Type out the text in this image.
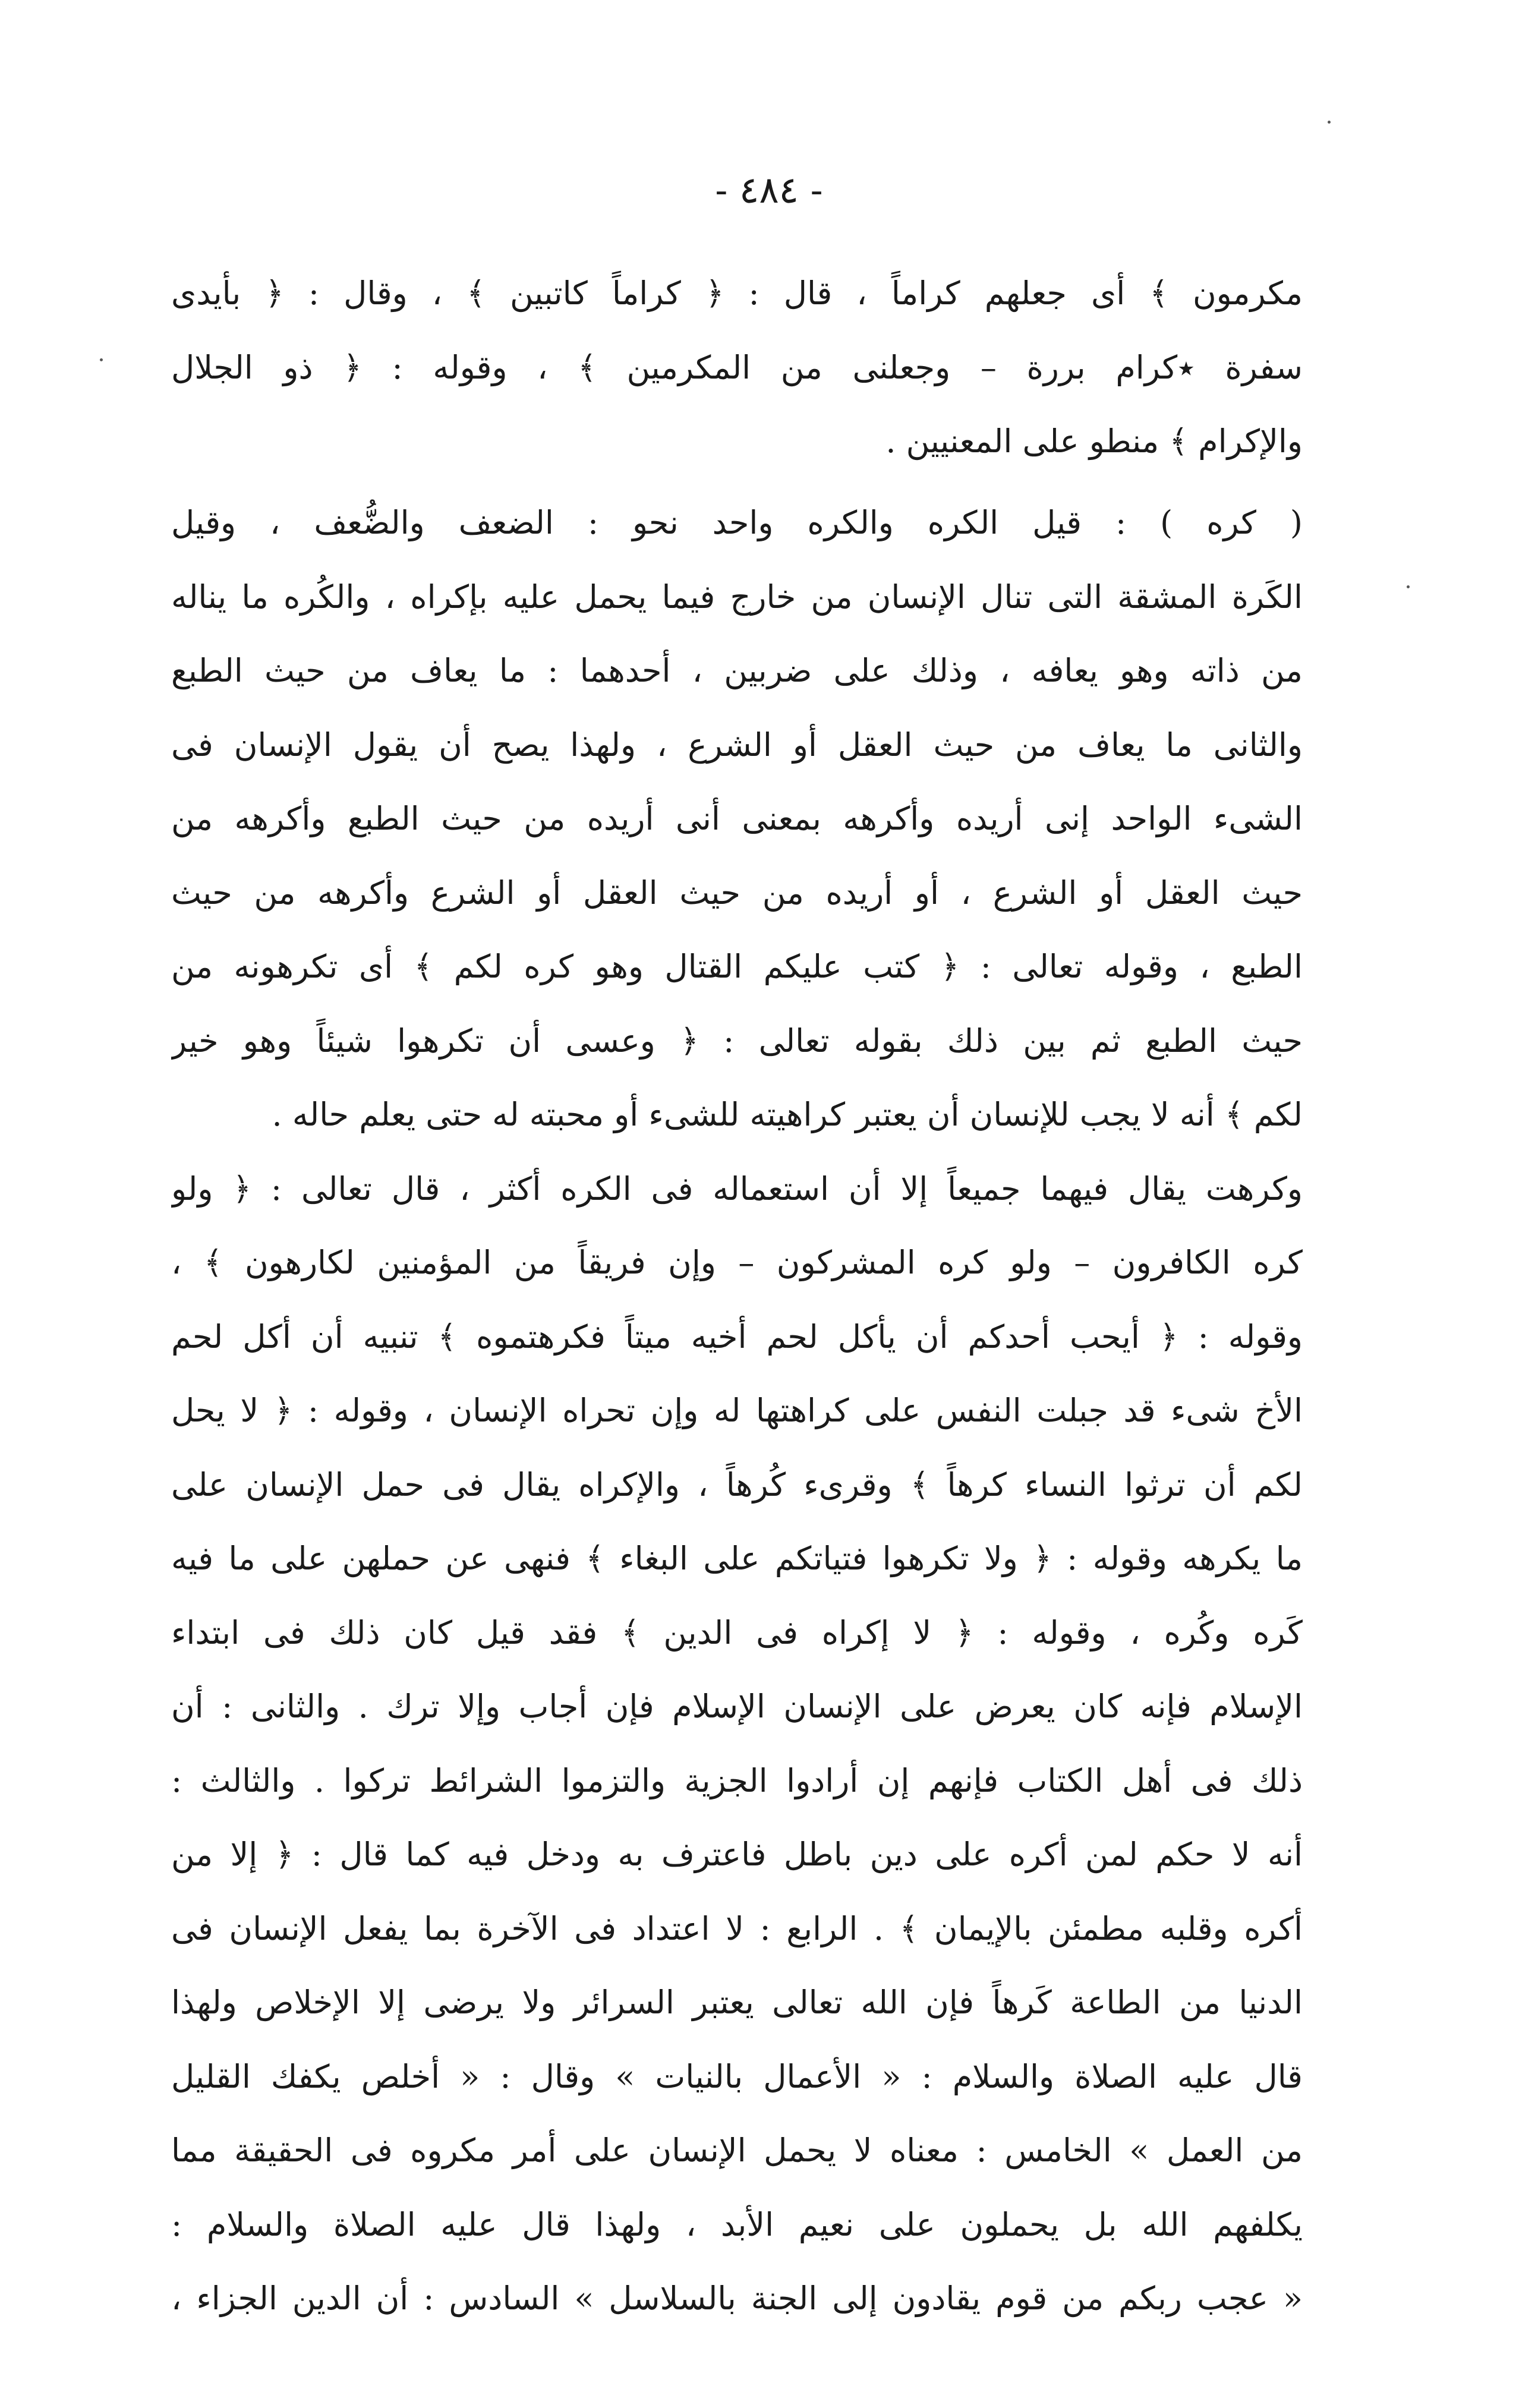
- ٤٨٤ -
مكرمون ﴾ أى جعلهم كراماً ، قال : ﴿ كراماً كاتبين ﴾ ، وقال : ﴿ بأيدى
سفرة ٭كرام بررة – وجعلنى من المكرمين ﴾ ، وقوله : ﴿ ذو الجلال
والإكرام ﴾ منطو على المعنيين .
( كره ) : قيل الكره والكره واحد نحو : الضعف والضُّعف ، وقيل
الكَرة المشقة التى تنال الإنسان من خارج فيما يحمل عليه بإكراه ، والكُره ما يناله
من ذاته وهو يعافه ، وذلك على ضربين ، أحدهما : ما يعاف من حيث الطبع
والثانى ما يعاف من حيث العقل أو الشرع ، ولهذا يصح أن يقول الإنسان فى
الشىء الواحد إنى أريده وأكرهه بمعنى أنى أريده من حيث الطبع وأكرهه من
حيث العقل أو الشرع ، أو أريده من حيث العقل أو الشرع وأكرهه من حيث
الطبع ، وقوله تعالى : ﴿ كتب عليكم القتال وهو كره لكم ﴾ أى تكرهونه من
حيث الطبع ثم بين ذلك بقوله تعالى : ﴿ وعسى أن تكرهوا شيئاً وهو خير
لكم ﴾ أنه لا يجب للإنسان أن يعتبر كراهيته للشىء أو محبته له حتى يعلم حاله .
وكرهت يقال فيهما جميعاً إلا أن استعماله فى الكره أكثر ، قال تعالى : ﴿ ولو
كره الكافرون – ولو كره المشركون – وإن فريقاً من المؤمنين لكارهون ﴾ ،
وقوله : ﴿ أيحب أحدكم أن يأكل لحم أخيه ميتاً فكرهتموه ﴾ تنبيه أن أكل لحم
الأخ شىء قد جبلت النفس على كراهتها له وإن تحراه الإنسان ، وقوله : ﴿ لا يحل
لكم أن ترثوا النساء كرهاً ﴾ وقرىء كُرهاً ، والإكراه يقال فى حمل الإنسان على
ما يكرهه وقوله : ﴿ ولا تكرهوا فتياتكم على البغاء ﴾ فنهى عن حملهن على ما فيه
كَره وكُره ، وقوله : ﴿ لا إكراه فى الدين ﴾ فقد قيل كان ذلك فى ابتداء
الإسلام فإنه كان يعرض على الإنسان الإسلام فإن أجاب وإلا ترك . والثانى : أن
ذلك فى أهل الكتاب فإنهم إن أرادوا الجزية والتزموا الشرائط تركوا . والثالث :
أنه لا حكم لمن أكره على دين باطل فاعترف به ودخل فيه كما قال : ﴿ إلا من
أكره وقلبه مطمئن بالإيمان ﴾ . الرابع : لا اعتداد فى الآخرة بما يفعل الإنسان فى
الدنيا من الطاعة كَرهاً فإن الله تعالى يعتبر السرائر ولا يرضى إلا الإخلاص ولهذا
قال عليه الصلاة والسلام : « الأعمال بالنيات » وقال : « أخلص يكفك القليل
من العمل » الخامس : معناه لا يحمل الإنسان على أمر مكروه فى الحقيقة مما
يكلفهم الله بل يحملون على نعيم الأبد ، ولهذا قال عليه الصلاة والسلام :
« عجب ربكم من قوم يقادون إلى الجنة بالسلاسل » السادس : أن الدين الجزاء ،
